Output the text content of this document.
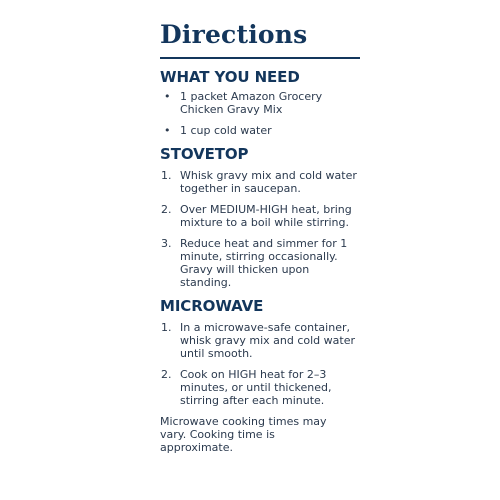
Directions
WHAT YOU NEED
• 1 packet Amazon Grocery Chicken Gravy Mix
• 1 cup cold water
STOVETOP
1. Whisk gravy mix and cold water together in saucepan.
2. Over MEDIUM-HIGH heat, bring mixture to a boil while stirring.
3. Reduce heat and simmer for 1 minute, stirring occasionally. Gravy will thicken upon standing.
MICROWAVE
1. In a microwave-safe container, whisk gravy mix and cold water until smooth.
2. Cook on HIGH heat for 2–3 minutes, or until thickened, stirring after each minute.

Microwave cooking times may vary. Cooking time is approximate.
